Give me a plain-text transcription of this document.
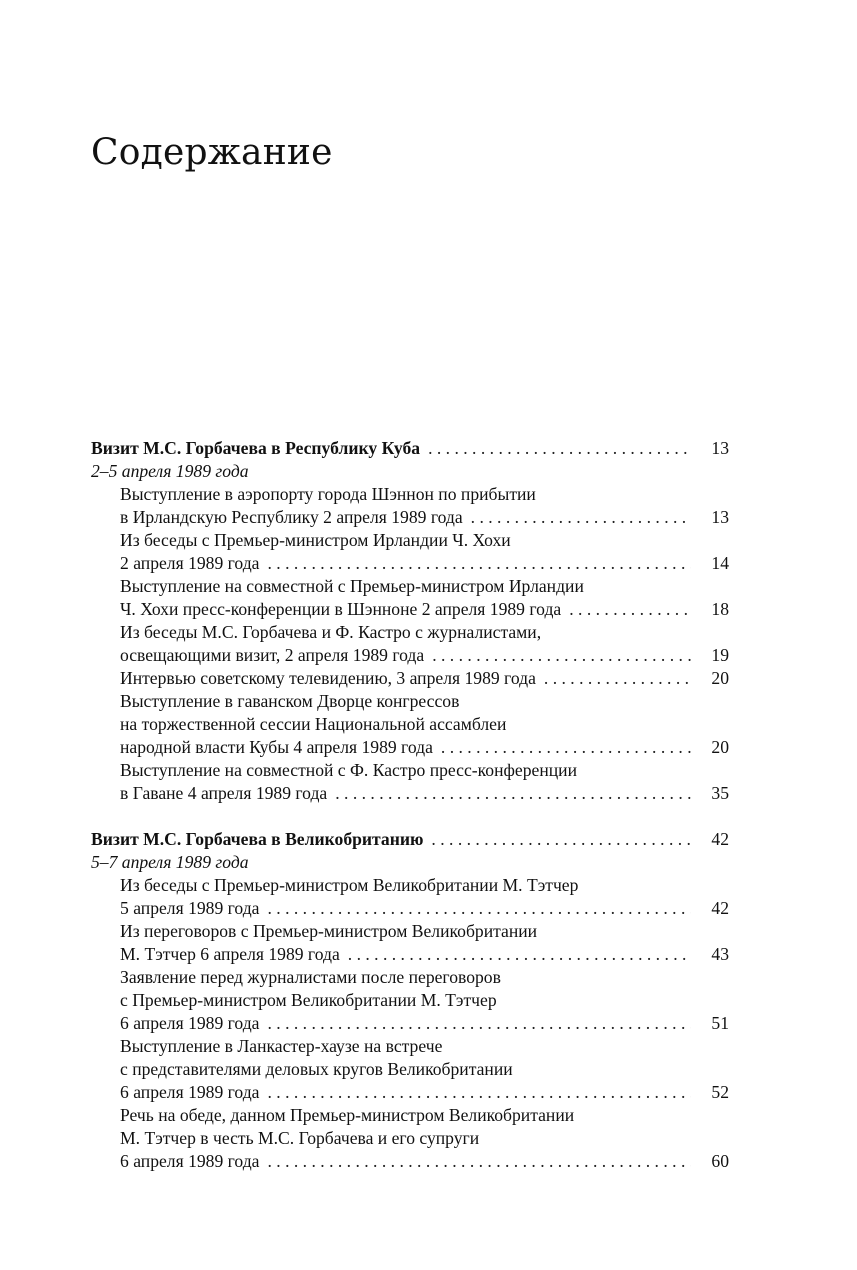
Содержание
Визит М.С. Горбачева в Республику Куба . . .	13
2–5 апреля 1989 года
Выступление в аэропорту города Шэннон по прибытии
в Ирландскую Республику 2 апреля 1989 года . . .	13
Из беседы с Премьер-министром Ирландии Ч. Хохи
2 апреля 1989 года . . .	14
Выступление на совместной с Премьер-министром Ирландии
Ч. Хохи пресс-конференции в Шэнноне 2 апреля 1989 года . . .	18
Из беседы М.С. Горбачева и Ф. Кастро с журналистами,
освещающими визит, 2 апреля 1989 года . . .	19
Интервью советскому телевидению, 3 апреля 1989 года . . .	20
Выступление в гаванском Дворце конгрессов
на торжественной сессии Национальной ассамблеи
народной власти Кубы 4 апреля 1989 года . . .	20
Выступление на совместной с Ф. Кастро пресс-конференции
в Гаване 4 апреля 1989 года . . .	35
Визит М.С. Горбачева в Великобританию . . .	42
5–7 апреля 1989 года
Из беседы с Премьер-министром Великобритании М. Тэтчер
5 апреля 1989 года . . .	42
Из переговоров с Премьер-министром Великобритании
М. Тэтчер 6 апреля 1989 года . . .	43
Заявление перед журналистами после переговоров
с Премьер-министром Великобритании М. Тэтчер
6 апреля 1989 года . . .	51
Выступление в Ланкастер-хаузе на встрече
с представителями деловых кругов Великобритании
6 апреля 1989 года . . .	52
Речь на обеде, данном Премьер-министром Великобритании
М. Тэтчер в честь М.С. Горбачева и его супруги
6 апреля 1989 года . . .	60
